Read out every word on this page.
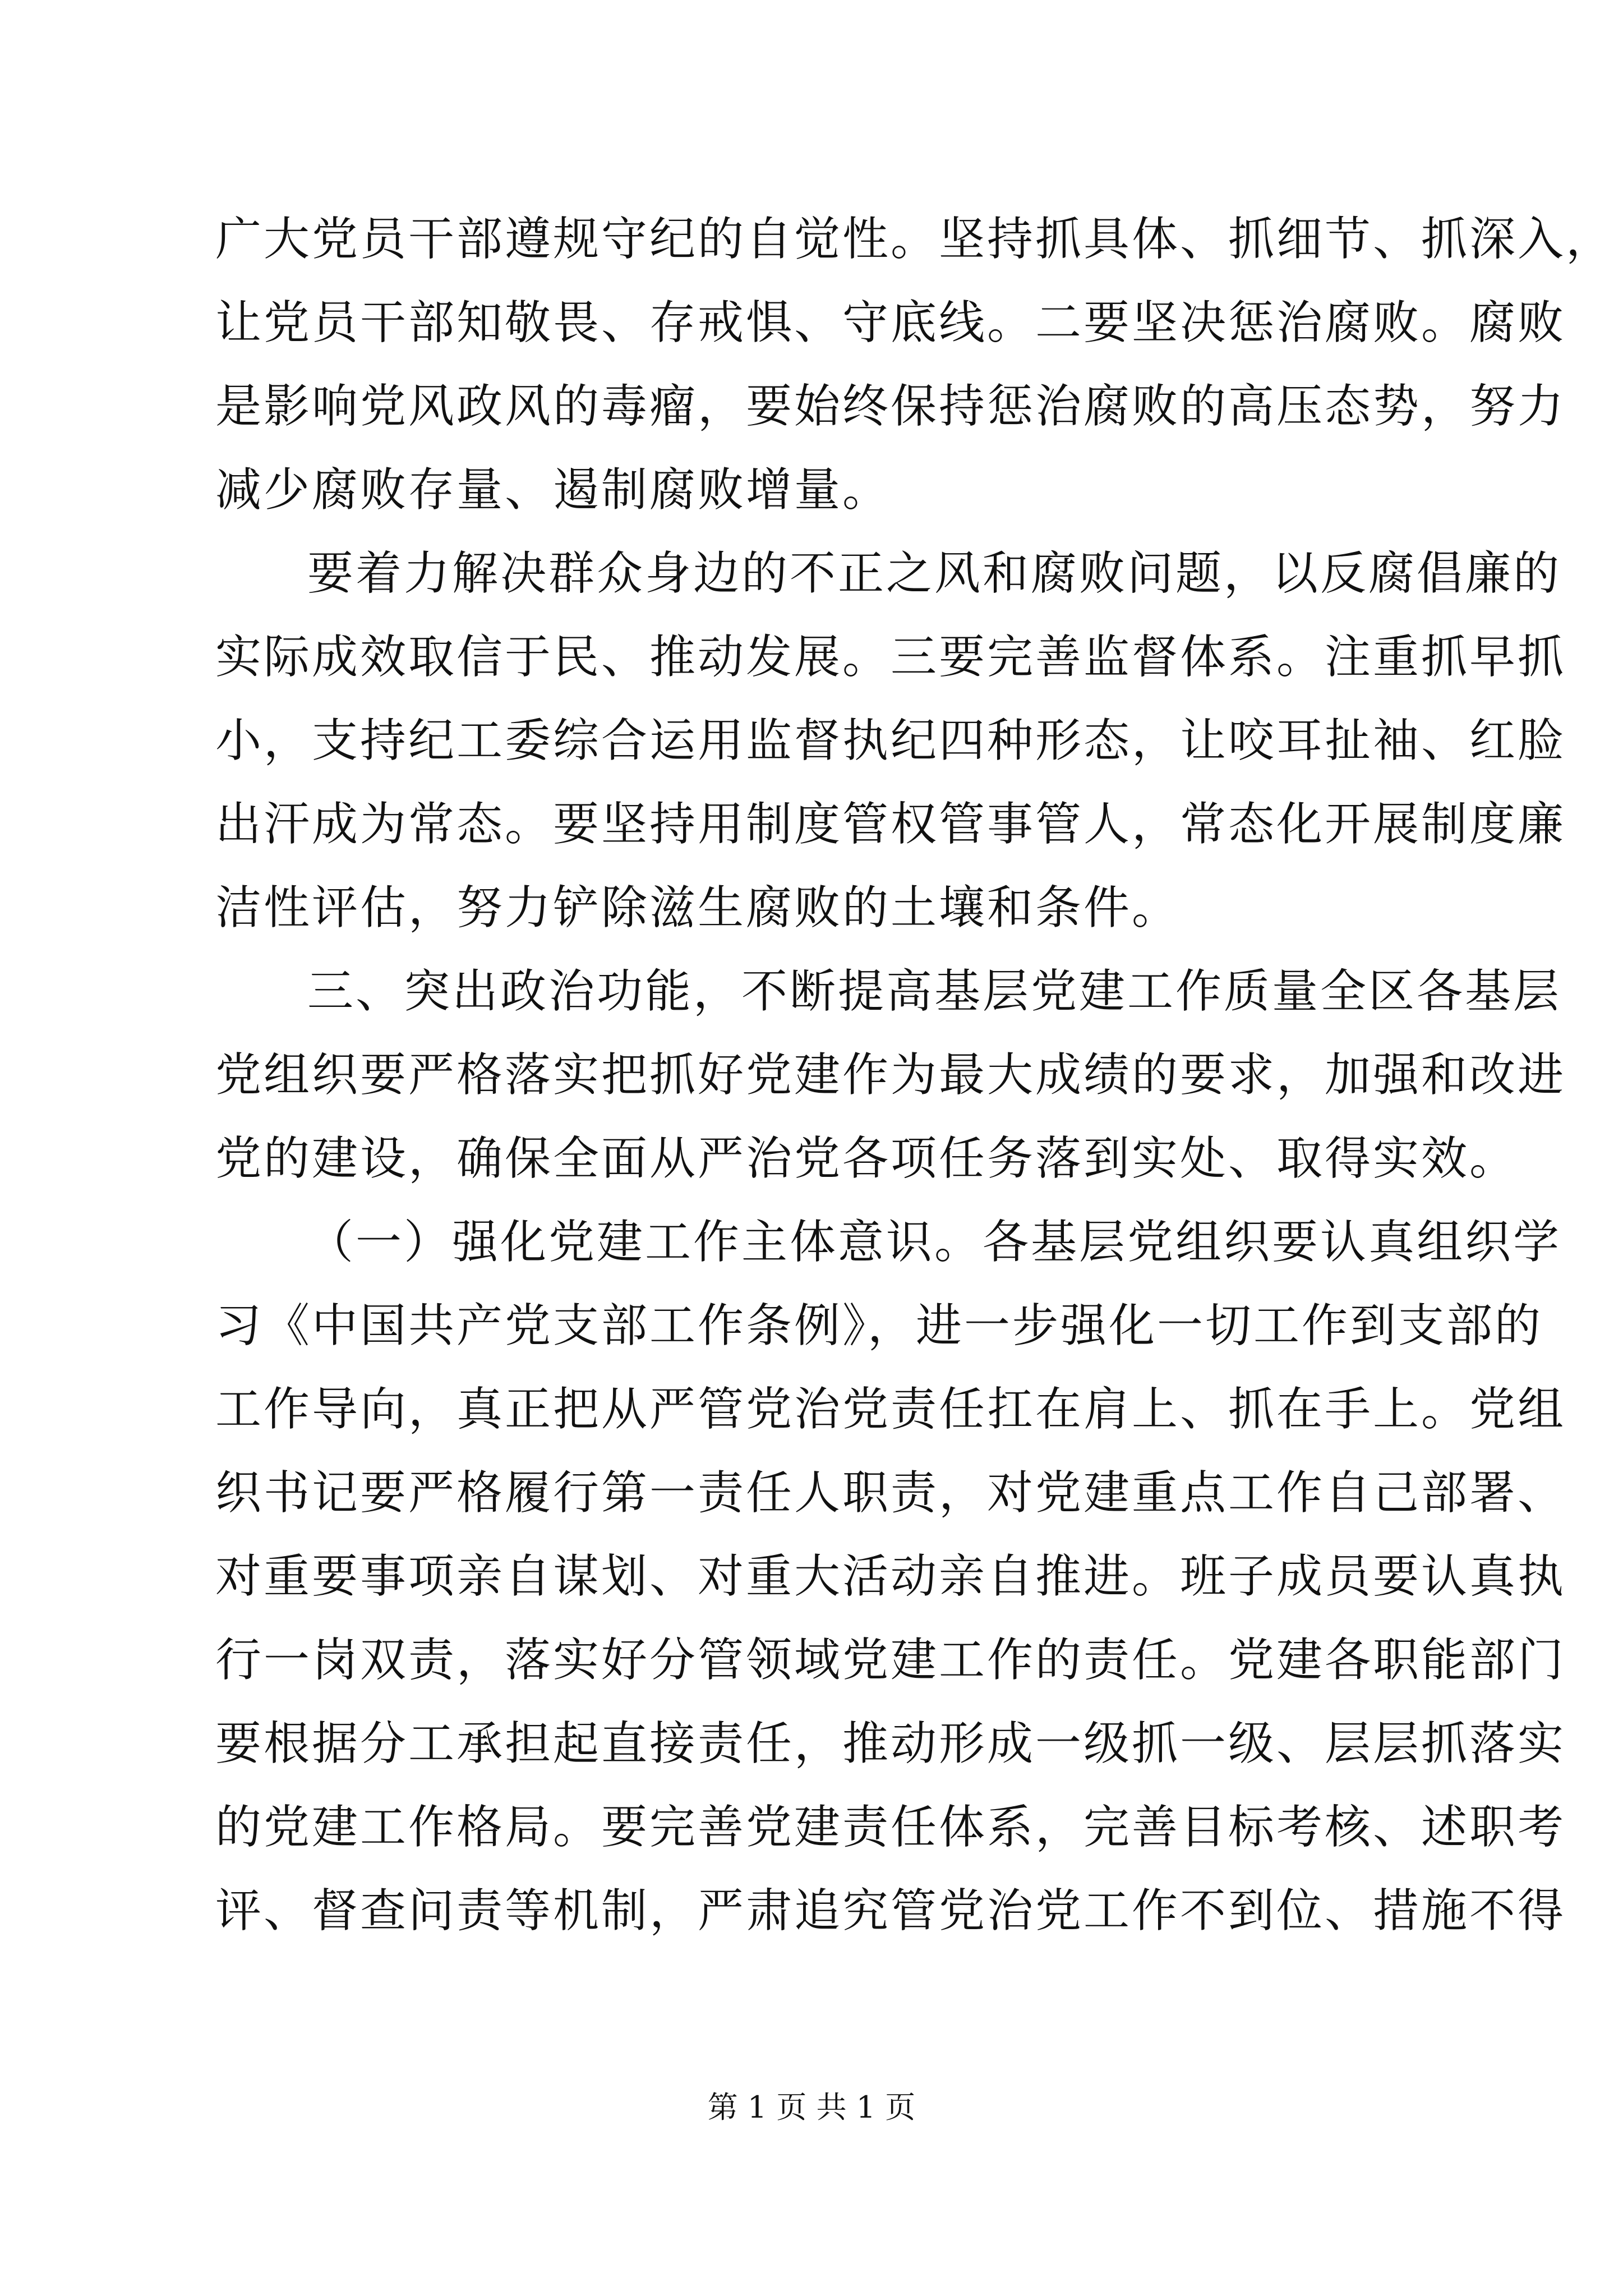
广大党员干部遵规守纪的自觉性。坚持抓具体、抓细节、抓深入，
让党员干部知敬畏、存戒惧、守底线。二要坚决惩治腐败。腐败
是影响党风政风的毒瘤，要始终保持惩治腐败的高压态势，努力
减少腐败存量、遏制腐败增量。
要着力解决群众身边的不正之风和腐败问题，以反腐倡廉的
实际成效取信于民、推动发展。三要完善监督体系。注重抓早抓
小，支持纪工委综合运用监督执纪四种形态，让咬耳扯袖、红脸
出汗成为常态。要坚持用制度管权管事管人，常态化开展制度廉
洁性评估，努力铲除滋生腐败的土壤和条件。
三、突出政治功能，不断提高基层党建工作质量全区各基层
党组织要严格落实把抓好党建作为最大成绩的要求，加强和改进
党的建设，确保全面从严治党各项任务落到实处、取得实效。
（一）强化党建工作主体意识。各基层党组织要认真组织学
习《中国共产党支部工作条例》，进一步强化一切工作到支部的
工作导向，真正把从严管党治党责任扛在肩上、抓在手上。党组
织书记要严格履行第一责任人职责，对党建重点工作自己部署、
对重要事项亲自谋划、对重大活动亲自推进。班子成员要认真执
行一岗双责，落实好分管领域党建工作的责任。党建各职能部门
要根据分工承担起直接责任，推动形成一级抓一级、层层抓落实
的党建工作格局。要完善党建责任体系，完善目标考核、述职考
评、督查问责等机制，严肃追究管党治党工作不到位、措施不得
第 1 页 共 1 页
